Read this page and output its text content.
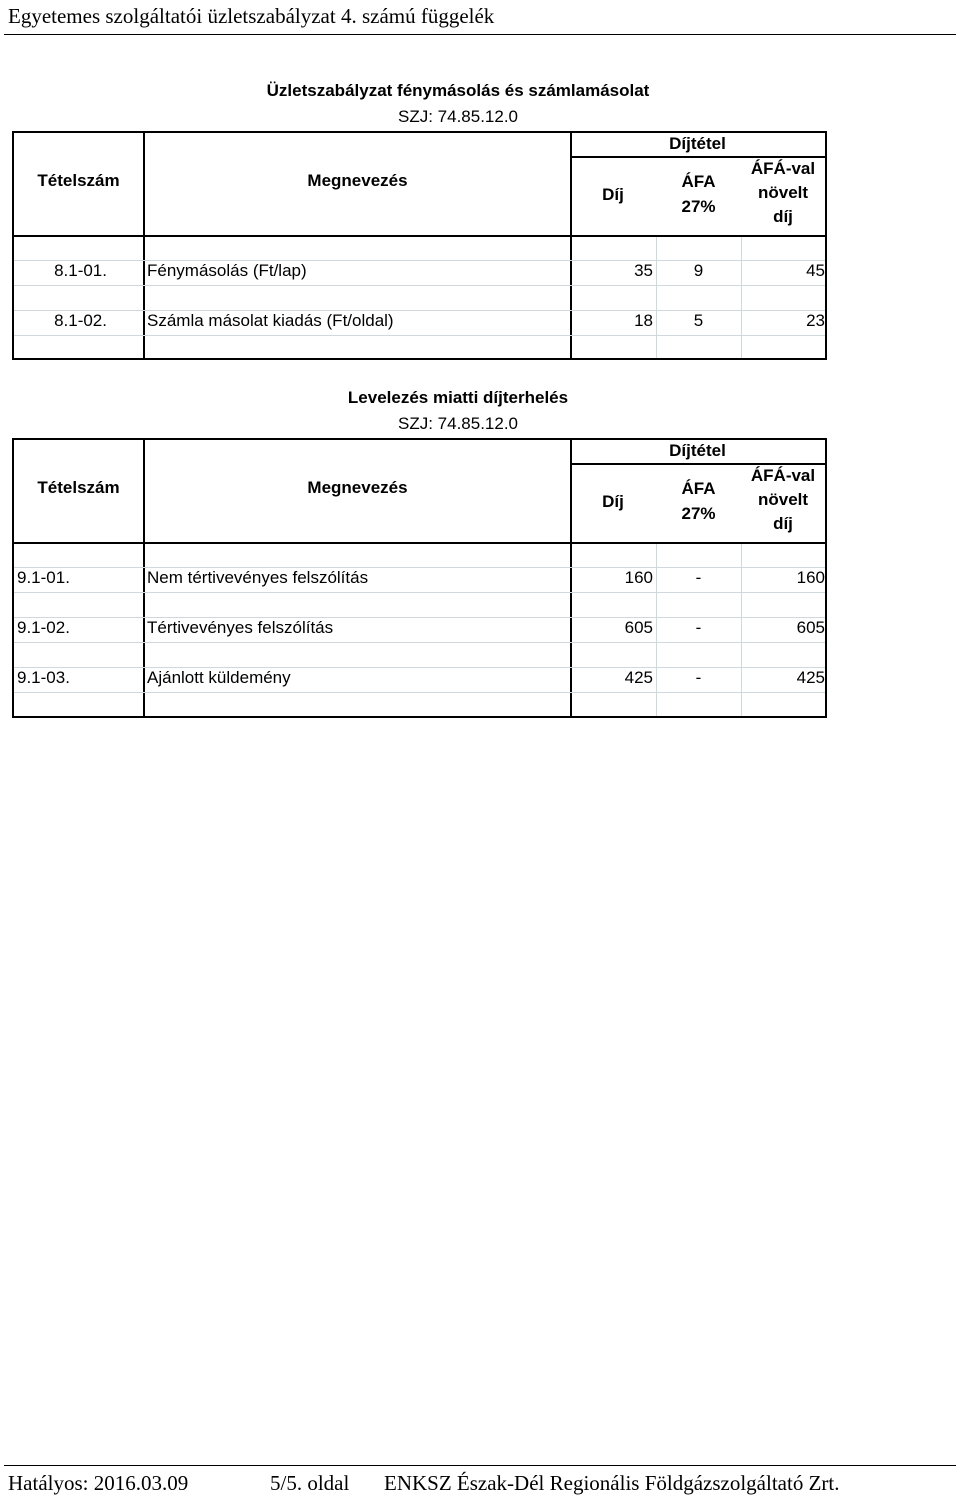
Egyetemes szolgáltatói üzletszabályzat 4. számú függelék
Üzletszabályzat fénymásolás és számlamásolat
SZJ: 74.85.12.0
Tételszám	Megnevezés
Díjtétel
Díj
ÁFA
27%
ÁFÁ-val
növelt
díj
8.1-01. Fénymásolás (Ft/lap)	35	9	45
8.1-02. Számla másolat kiadás (Ft/oldal)	18	5	23
Levelezés miatti díjterhelés
SZJ: 74.85.12.0
Tételszám	Megnevezés
Díjtétel
Díj
ÁFA
27%
ÁFÁ-val
növelt
díj
9.1-01.	Nem tértivevényes felszólítás	160	-	160
9.1-02.	Tértivevényes felszólítás	605	-	605
9.1-03.	Ajánlott küldemény	425	-	425
Hatályos: 2016.03.09	5/5. oldal ENKSZ Észak-Dél Regionális Földgázszolgáltató Zrt.
